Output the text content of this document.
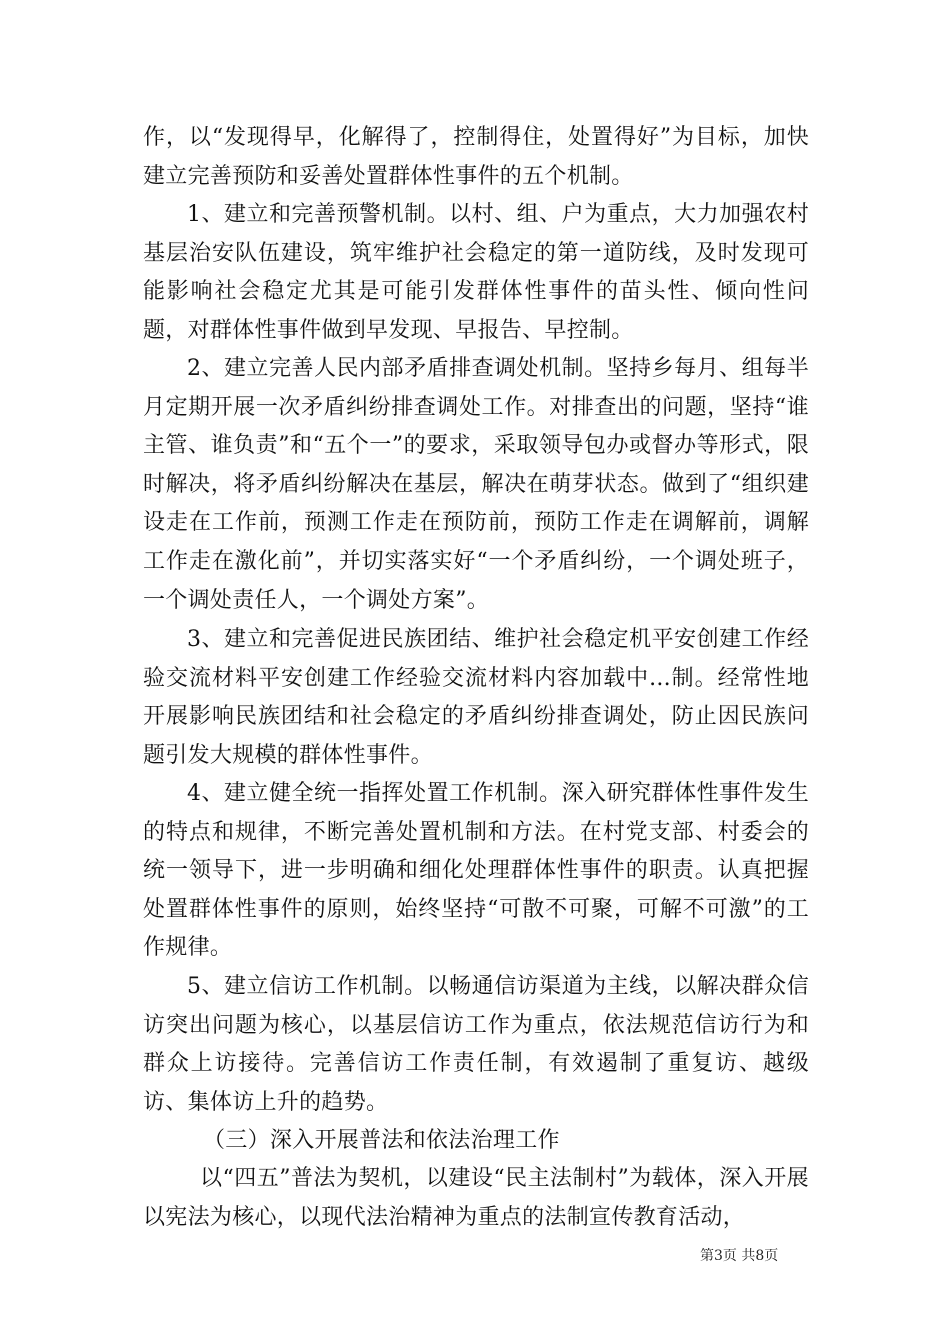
作，以“发现得早，化解得了，控制得住，处置得好”为目标，加快建立完善预防和妥善处置群体性事件的五个机制。

1、建立和完善预警机制。以村、组、户为重点，大力加强农村基层治安队伍建设，筑牢维护社会稳定的第一道防线，及时发现可能影响社会稳定尤其是可能引发群体性事件的苗头性、倾向性问题，对群体性事件做到早发现、早报告、早控制。

2、建立完善人民内部矛盾排查调处机制。坚持乡每月、组每半月定期开展一次矛盾纠纷排查调处工作。对排查出的问题，坚持“谁主管、谁负责”和“五个一”的要求，采取领导包办或督办等形式，限时解决，将矛盾纠纷解决在基层，解决在萌芽状态。做到了“组织建设走在工作前，预测工作走在预防前，预防工作走在调解前，调解工作走在激化前”，并切实落实好“一个矛盾纠纷，一个调处班子，一个调处责任人，一个调处方案”。

3、建立和完善促进民族团结、维护社会稳定机平安创建工作经验交流材料平安创建工作经验交流材料内容加载中...制。经常性地开展影响民族团结和社会稳定的矛盾纠纷排查调处，防止因民族问题引发大规模的群体性事件。

4、建立健全统一指挥处置工作机制。深入研究群体性事件发生的特点和规律，不断完善处置机制和方法。在村党支部、村委会的统一领导下，进一步明确和细化处理群体性事件的职责。认真把握处置群体性事件的原则，始终坚持“可散不可聚，可解不可激”的工作规律。

5、建立信访工作机制。以畅通信访渠道为主线，以解决群众信访突出问题为核心，以基层信访工作为重点，依法规范信访行为和群众上访接待。完善信访工作责任制，有效遏制了重复访、越级访、集体访上升的趋势。

（三）深入开展普法和依法治理工作

以“四五”普法为契机，以建设“民主法制村”为载体，深入开展以宪法为核心，以现代法治精神为重点的法制宣传教育活动，

第3页 共8页
